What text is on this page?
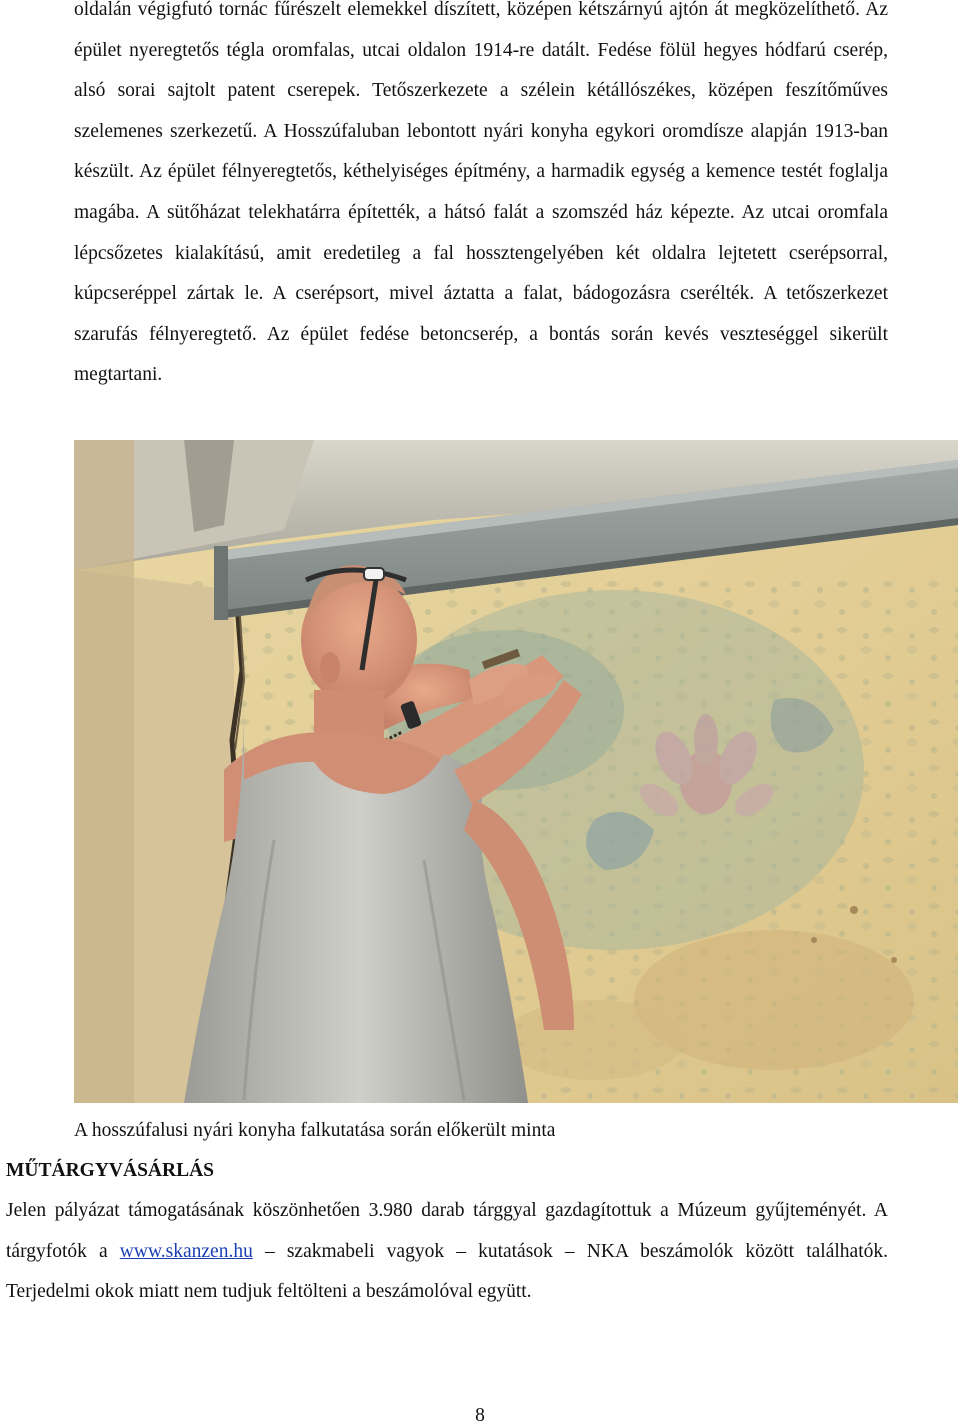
oldalán végigfutó tornác fűrészelt elemekkel díszített, középen kétszárnyú ajtón át megközelíthető. Az épület nyeregtetős tégla oromfalas, utcai oldalon 1914-re datált. Fedése fölül hegyes hódfarú cserép, alsó sorai sajtolt patent cserepek. Tetőszerkezete a szélein kétállószékes, középen feszítőműves szelemenes szerkezetű. A Hosszúfaluban lebontott nyári konyha egykori oromdísze alapján 1913-ban készült. Az épület félnyeregtetős, kéthelyiséges építmény, a harmadik egység a kemence testét foglalja magába. A sütőházat telekhatárra építették, a hátsó falát a szomszéd ház képezte. Az utcai oromfala lépcsőzetes kialakítású, amit eredetileg a fal hossztengelyében két oldalra lejtetett cserépsorral, kúpcseréppel zártak le. A cserépsort, mivel áztatta a falat, bádogozásra cserélték. A tetőszerkezet szarufás félnyeregtető. Az épület fedése betoncserép, a bontás során kevés veszteséggel sikerült megtartani.

A hosszúfalusi nyári konyha falkutatása során előkerült minta

MŰTÁRGYVÁSÁRLÁS

Jelen pályázat támogatásának köszönhetően 3.980 darab tárggyal gazdagítottuk a Múzeum gyűjteményét. A tárgyfotók a www.skanzen.hu – szakmabeli vagyok – kutatások – NKA beszámolók között találhatók. Terjedelmi okok miatt nem tudjuk feltölteni a beszámolóval együtt.

8
